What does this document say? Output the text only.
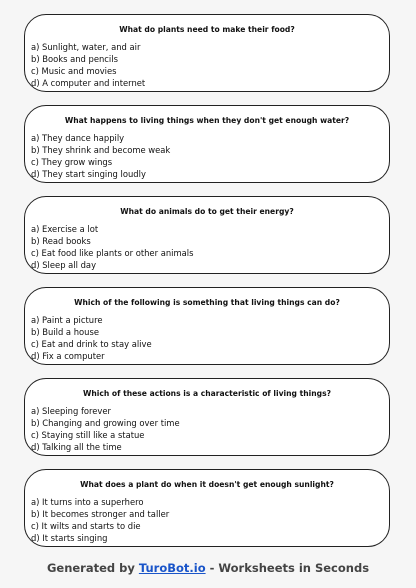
What do plants need to make their food?
a) Sunlight, water, and air
b) Books and pencils
c) Music and movies
d) A computer and internet
What happens to living things when they don't get enough water?
a) They dance happily
b) They shrink and become weak
c) They grow wings
d) They start singing loudly
What do animals do to get their energy?
a) Exercise a lot
b) Read books
c) Eat food like plants or other animals
d) Sleep all day
Which of the following is something that living things can do?
a) Paint a picture
b) Build a house
c) Eat and drink to stay alive
d) Fix a computer
Which of these actions is a characteristic of living things?
a) Sleeping forever
b) Changing and growing over time
c) Staying still like a statue
d) Talking all the time
What does a plant do when it doesn't get enough sunlight?
a) It turns into a superhero
b) It becomes stronger and taller
c) It wilts and starts to die
d) It starts singing
Generated by TuroBot.io - Worksheets in Seconds
